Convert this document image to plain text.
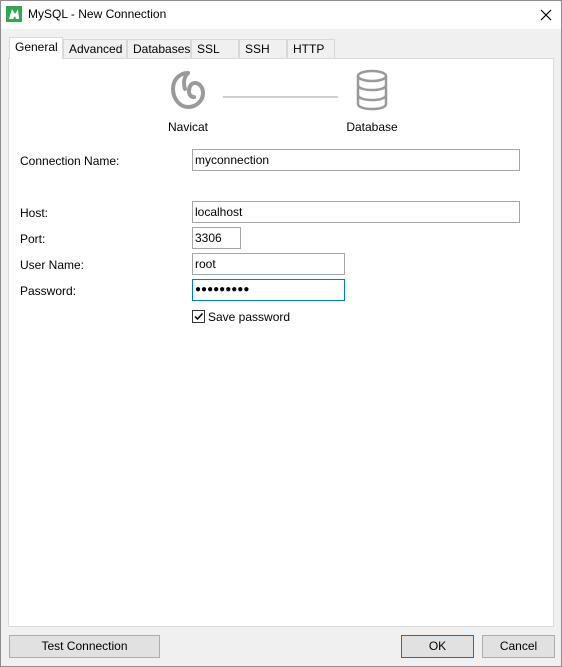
MySQL - New Connection
General Advanced Databases SSL	SSH	HTTP
Navicat	Database
Connection Name:	myconnection
Host:	localhost
Port:	3306
User Name:	root
Password:	●●●●●●●●●
Save password
Test Connection	OK	Cancel
